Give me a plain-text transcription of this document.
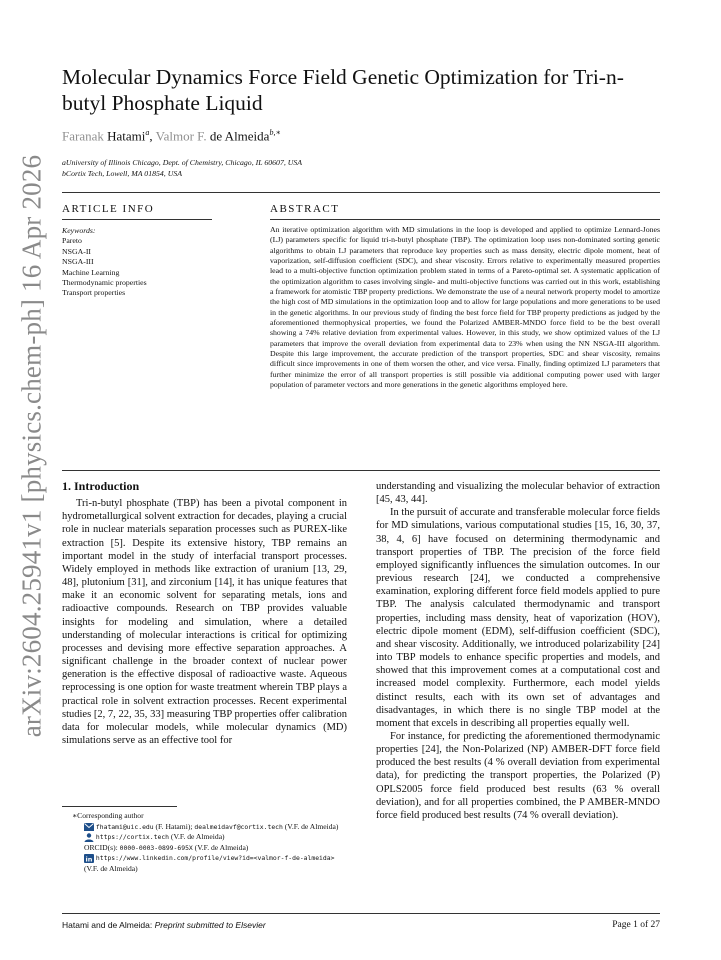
arXiv:2604.25941v1 [physics.chem-ph] 16 Apr 2026
Molecular Dynamics Force Field Genetic Optimization for Tri-n-butyl Phosphate Liquid
Faranak Hatami$^a$, Valmor F. de Almeida$^{b,∗}$
aUniversity of Illinois Chicago, Dept. of Chemistry, Chicago, IL 60607, USA
bCortix Tech, Lowell, MA 01854, USA
ARTICLE INFO	ABSTRACT
Keywords:
Pareto
NSGA-II
NSGA-III
Machine Learning
Thermodynamic properties
Transport properties
An iterative optimization algorithm with MD simulations in the loop is developed and applied to optimize Lennard-Jones (LJ) parameters specific for liquid tri-n-butyl phosphate (TBP). The optimization loop uses non-dominated sorting genetic algorithms to obtain LJ parameters that reproduce key properties such as mass density, electric dipole moment, heat of vaporization, self-diffusion coefficient (SDC), and shear viscosity. Errors relative to experimentally measured properties lead to a multi-objective function optimization problem stated in terms of a Pareto-optimal set. A systematic application of the optimization algorithm to cases involving single- and multi-objective functions was carried out in this work, establishing a framework for atomistic TBP property predictions. We demonstrate the use of a neural network property model to amortize the high cost of MD simulations in the optimization loop and to allow for large populations and more generations to be used in the genetic algorithms. In our previous study of finding the best force field for TBP property predictions as judged by the aforementioned thermophysical properties, we found the Polarized AMBER-MNDO force field to be the best overall showing a 74% relative deviation from experimental values. However, in this study, we show optimized values of the LJ parameters that improve the overall deviation from experimental data to 23% when using the NN NSGA-III algorithm. Despite this large improvement, the accurate prediction of the transport properties, SDC and shear viscosity, remains difficult since improvements in one of them worsen the other, and vice versa. Finally, finding optimized LJ parameters that further minimize the error of all transport properties is still possible via additional computing power used with larger population of parameter vectors and more generations in the genetic algorithms employed here.
1. Introduction

Tri-n-butyl phosphate (TBP) has been a pivotal component in hydrometallurgical solvent extraction for decades, playing a crucial role in nuclear materials separation processes such as PUREX-like extraction [5]. Despite its extensive history, TBP remains an important model in the study of interfacial transport processes. Widely employed in methods like extraction of uranium [13, 29, 48], plutonium [31], and zirconium [14], it has unique features that make it an economic solvent for separating metals, ions and radioactive compounds. Research on TBP provides valuable insights for modeling and simulation, where a detailed understanding of molecular interactions is critical for optimizing processes and devising more effective separation approaches. A significant challenge in the broader context of nuclear power generation is the effective disposal of radioactive waste. Aqueous reprocessing is one option for waste treatment wherein TBP plays a practical role in solvent extraction processes. Recent experimental studies [2, 7, 22, 35, 33] measuring TBP properties offer calibration data for molecular models, while molecular dynamics (MD) simulations serve as an effective tool for

∗Corresponding author
fhatami@uic.edu (F. Hatami); dealmeidavf@cortix.tech (V.F. de Almeida)
https://cortix.tech (V.F. de Almeida)
ORCID(s): 0000-0003-0899-695X (V.F. de Almeida)
in https://www.linkedin.com/profile/view?id=<valmor-f-de-almeida> (V.F. de Almeida)

understanding and visualizing the molecular behavior of extraction [45, 43, 44].

In the pursuit of accurate and transferable molecular force fields for MD simulations, various computational studies [15, 16, 30, 37, 38, 4, 6] have focused on determining thermodynamic and transport properties of TBP. The precision of the force field employed significantly influences the simulation outcomes. In our previous research [24], we conducted a comprehensive examination, exploring different force field models applied to pure TBP. The analysis calculated thermodynamic and transport properties, including mass density, heat of vaporization (HOV), electric dipole moment (EDM), self-diffusion coefficient (SDC), and shear viscosity. Additionally, we introduced polarizability [24] into TBP models to enhance specific properties and models, and showed that this improvement comes at a computational cost and increased model complexity. Furthermore, each model yields distinct results, each with its own set of advantages and disadvantages, in which there is no single TBP model at the moment that excels in describing all properties equally well.

For instance, for predicting the aforementioned thermodynamic properties [24], the Non-Polarized (NP) AMBER-DFT force field produced the best results (4 % overall deviation from experimental data), for predicting the transport properties, the Polarized (P) OPLS2005 force field produced best results (63 % overall deviation), and for all properties combined, the P AMBER-MNDO force field produced best results (74 % overall deviation).

Hatami and de Almeida: Preprint submitted to Elsevier	Page 1 of 27
